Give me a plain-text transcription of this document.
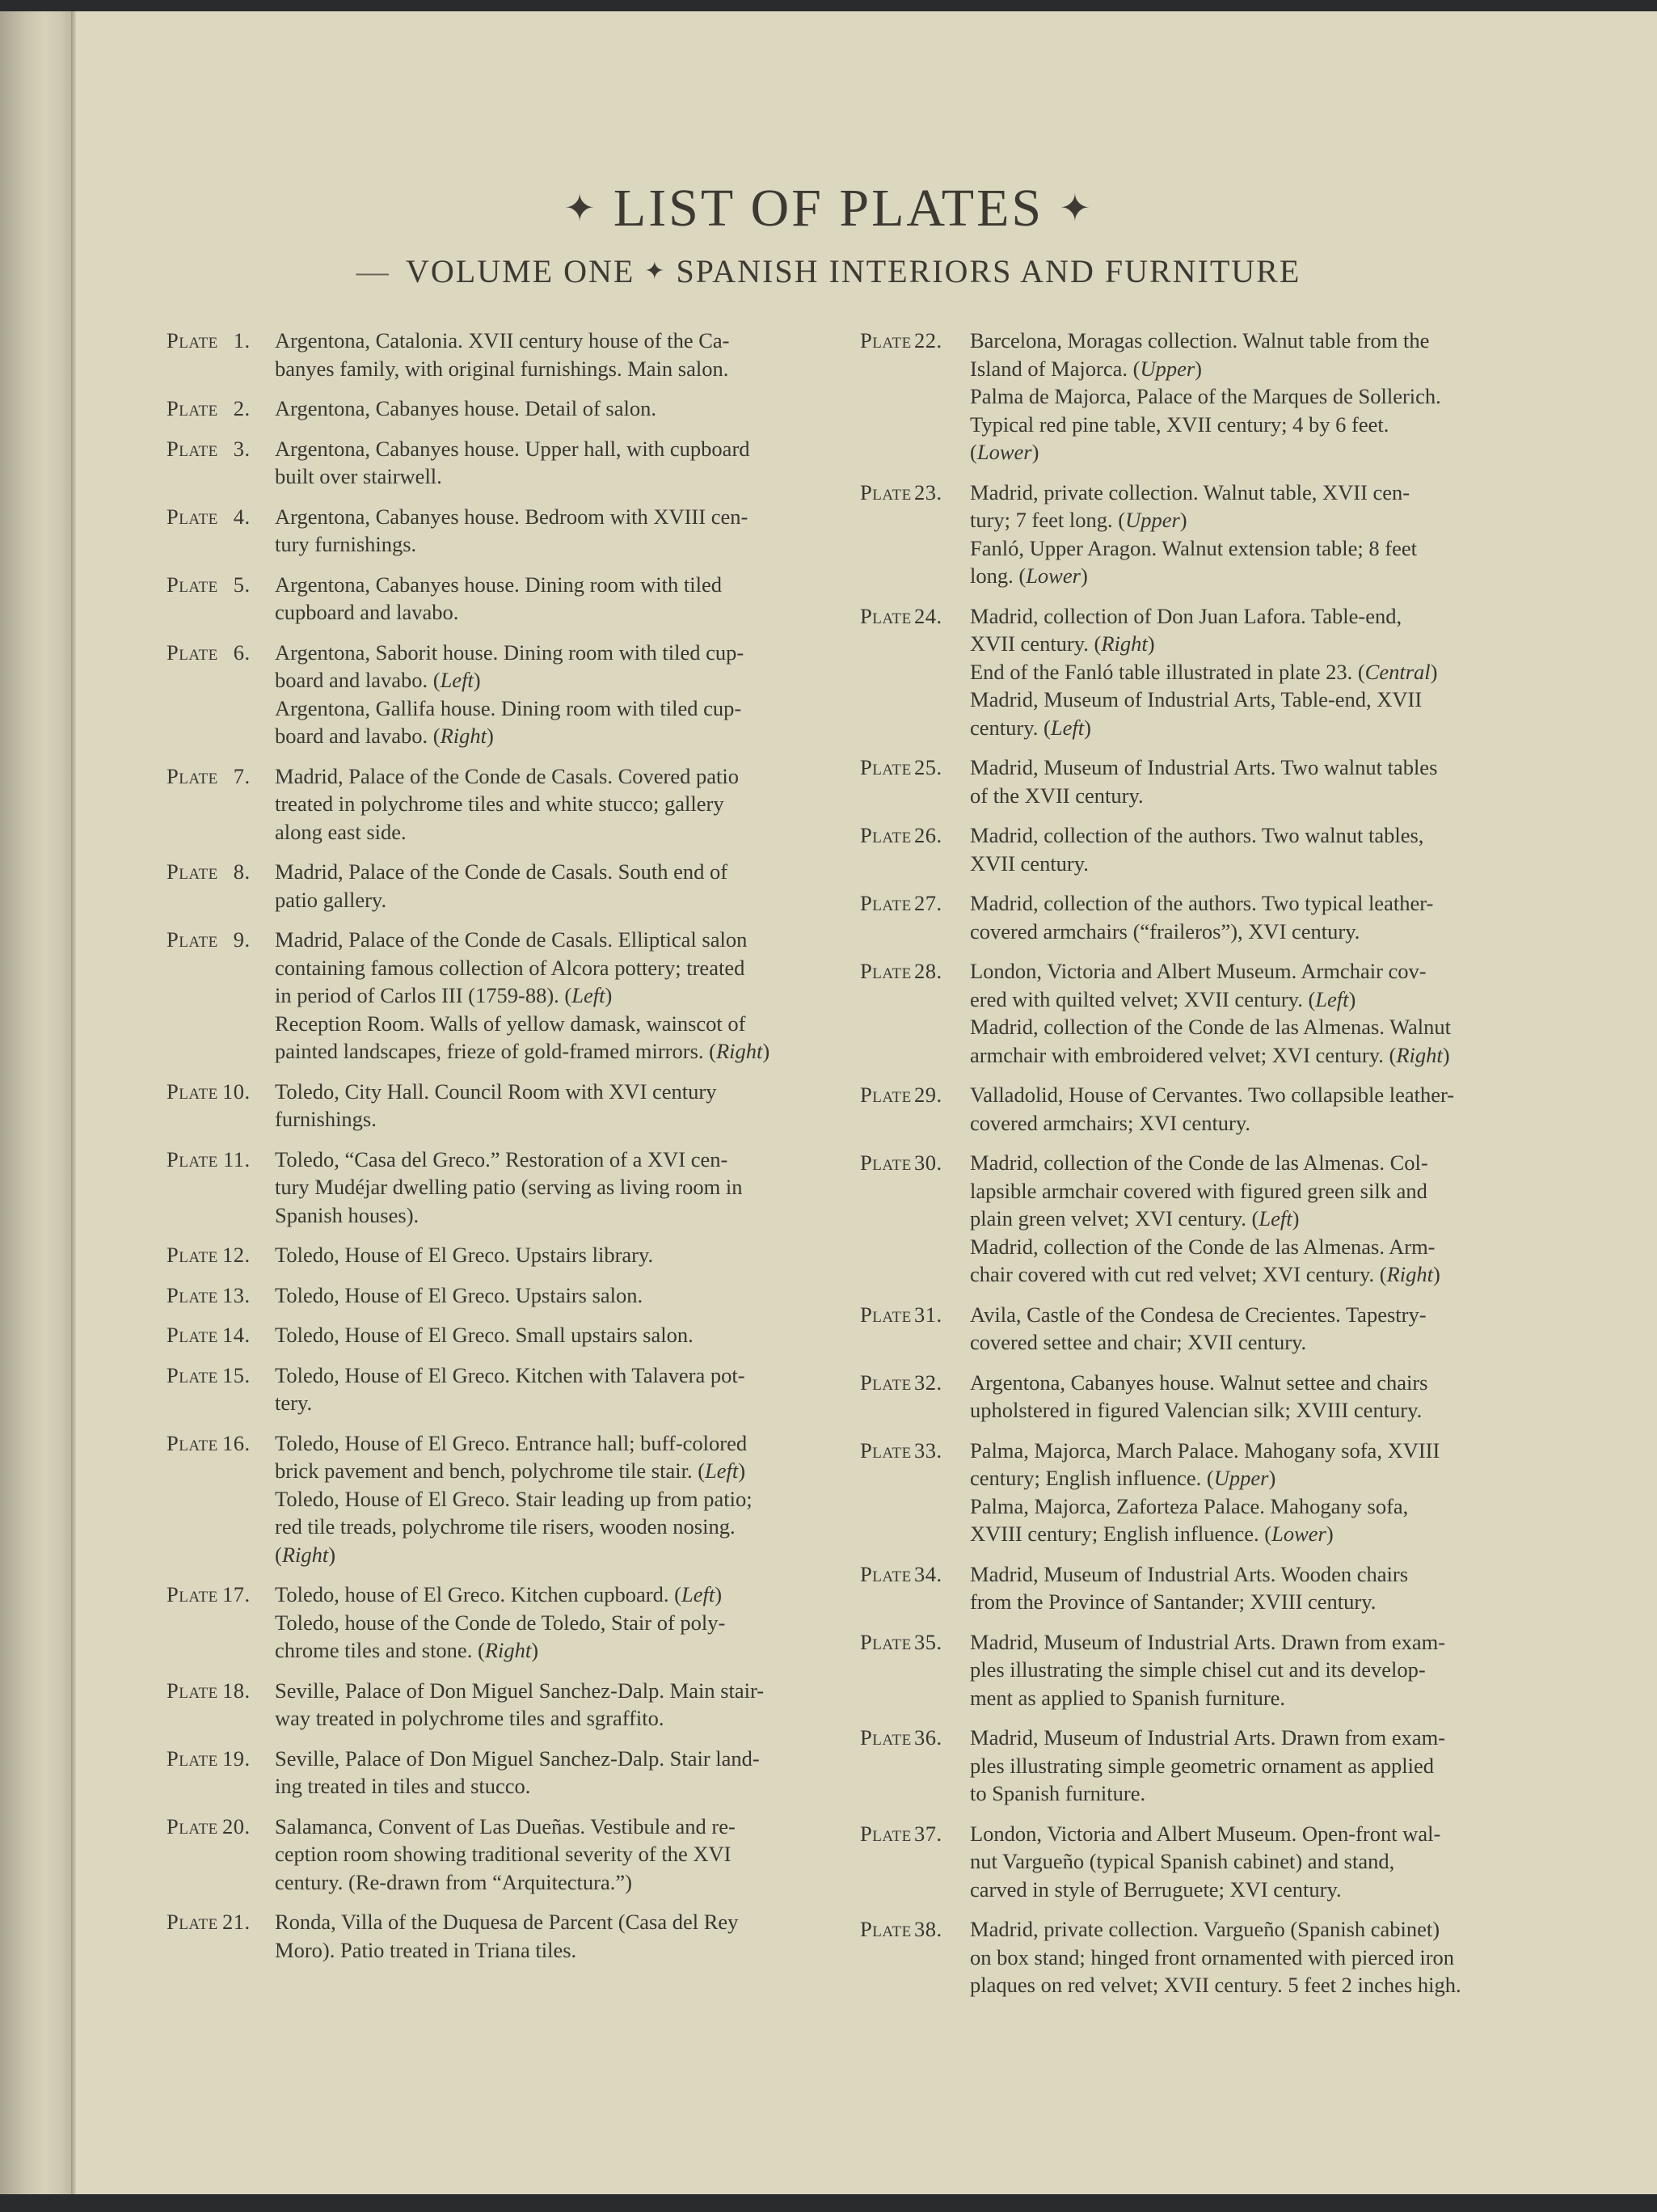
✦ LIST OF PLATES ✦
— VOLUME ONE ✦ SPANISH INTERIORS AND FURNITURE
Plate 1.	Argentona, Catalonia. XVII century house of the Ca-
banyes family, with original furnishings. Main salon.
Plate 2.	Argentona, Cabanyes house. Detail of salon.
Plate 3.	Argentona, Cabanyes house. Upper hall, with cupboard
built over stairwell.
Plate 4.	Argentona, Cabanyes house. Bedroom with XVIII cen-
tury furnishings.
Plate 5.	Argentona, Cabanyes house. Dining room with tiled
cupboard and lavabo.
Plate 6.	Argentona, Saborit house. Dining room with tiled cup-
board and lavabo. (Left)
Argentona, Gallifa house. Dining room with tiled cup-
board and lavabo. (Right)
Plate 7.	Madrid, Palace of the Conde de Casals. Covered patio
treated in polychrome tiles and white stucco; gallery
along east side.
Plate 8.	Madrid, Palace of the Conde de Casals. South end of
patio gallery.
Plate 9.	Madrid, Palace of the Conde de Casals. Elliptical salon
containing famous collection of Alcora pottery; treated
in period of Carlos III (1759-88). (Left)
Reception Room. Walls of yellow damask, wainscot of
painted landscapes, frieze of gold-framed mirrors. (Right)
Plate 10.	Toledo, City Hall. Council Room with XVI century
furnishings.
Plate 11.	Toledo, “Casa del Greco.” Restoration of a XVI cen-
tury Mudéjar dwelling patio (serving as living room in
Spanish houses).
Plate 12.	Toledo, House of El Greco. Upstairs library.
Plate 13.	Toledo, House of El Greco. Upstairs salon.
Plate 14.	Toledo, House of El Greco. Small upstairs salon.
Plate 15.	Toledo, House of El Greco. Kitchen with Talavera pot-
tery.
Plate 16.	Toledo, House of El Greco. Entrance hall; buff-colored
brick pavement and bench, polychrome tile stair. (Left)
Toledo, House of El Greco. Stair leading up from patio;
red tile treads, polychrome tile risers, wooden nosing.
(Right)
Plate 17.	Toledo, house of El Greco. Kitchen cupboard. (Left)
Toledo, house of the Conde de Toledo, Stair of poly-
chrome tiles and stone. (Right)
Plate 18.	Seville, Palace of Don Miguel Sanchez-Dalp. Main stair-
way treated in polychrome tiles and sgraffito.
Plate 19.	Seville, Palace of Don Miguel Sanchez-Dalp. Stair land-
ing treated in tiles and stucco.
Plate 20.	Salamanca, Convent of Las Dueñas. Vestibule and re-
ception room showing traditional severity of the XVI
century. (Re-drawn from “Arquitectura.”)
Plate 21.	Ronda, Villa of the Duquesa de Parcent (Casa del Rey
Moro). Patio treated in Triana tiles.
Plate 22.	Barcelona, Moragas collection. Walnut table from the
Island of Majorca. (Upper)
Palma de Majorca, Palace of the Marques de Sollerich.
Typical red pine table, XVII century; 4 by 6 feet.
(Lower)
Plate 23.	Madrid, private collection. Walnut table, XVII cen-
tury; 7 feet long. (Upper)
Fanló, Upper Aragon. Walnut extension table; 8 feet
long. (Lower)
Plate 24.	Madrid, collection of Don Juan Lafora. Table-end,
XVII century. (Right)
End of the Fanló table illustrated in plate 23. (Central)
Madrid, Museum of Industrial Arts, Table-end, XVII
century. (Left)
Plate 25.	Madrid, Museum of Industrial Arts. Two walnut tables
of the XVII century.
Plate 26.	Madrid, collection of the authors. Two walnut tables,
XVII century.
Plate 27.	Madrid, collection of the authors. Two typical leather-
covered armchairs (“fraileros”), XVI century.
Plate 28.	London, Victoria and Albert Museum. Armchair cov-
ered with quilted velvet; XVII century. (Left)
Madrid, collection of the Conde de las Almenas. Walnut
armchair with embroidered velvet; XVI century. (Right)
Plate 29.	Valladolid, House of Cervantes. Two collapsible leather-
covered armchairs; XVI century.
Plate 30.	Madrid, collection of the Conde de las Almenas. Col-
lapsible armchair covered with figured green silk and
plain green velvet; XVI century. (Left)
Madrid, collection of the Conde de las Almenas. Arm-
chair covered with cut red velvet; XVI century. (Right)
Plate 31.	Avila, Castle of the Condesa de Crecientes. Tapestry-
covered settee and chair; XVII century.
Plate 32.	Argentona, Cabanyes house. Walnut settee and chairs
upholstered in figured Valencian silk; XVIII century.
Plate 33.	Palma, Majorca, March Palace. Mahogany sofa, XVIII
century; English influence. (Upper)
Palma, Majorca, Zaforteza Palace. Mahogany sofa,
XVIII century; English influence. (Lower)
Plate 34.	Madrid, Museum of Industrial Arts. Wooden chairs
from the Province of Santander; XVIII century.
Plate 35.	Madrid, Museum of Industrial Arts. Drawn from exam-
ples illustrating the simple chisel cut and its develop-
ment as applied to Spanish furniture.
Plate 36.	Madrid, Museum of Industrial Arts. Drawn from exam-
ples illustrating simple geometric ornament as applied
to Spanish furniture.
Plate 37.	London, Victoria and Albert Museum. Open-front wal-
nut Vargueño (typical Spanish cabinet) and stand,
carved in style of Berruguete; XVI century.
Plate 38.	Madrid, private collection. Vargueño (Spanish cabinet)
on box stand; hinged front ornamented with pierced iron
plaques on red velvet; XVII century. 5 feet 2 inches high.
